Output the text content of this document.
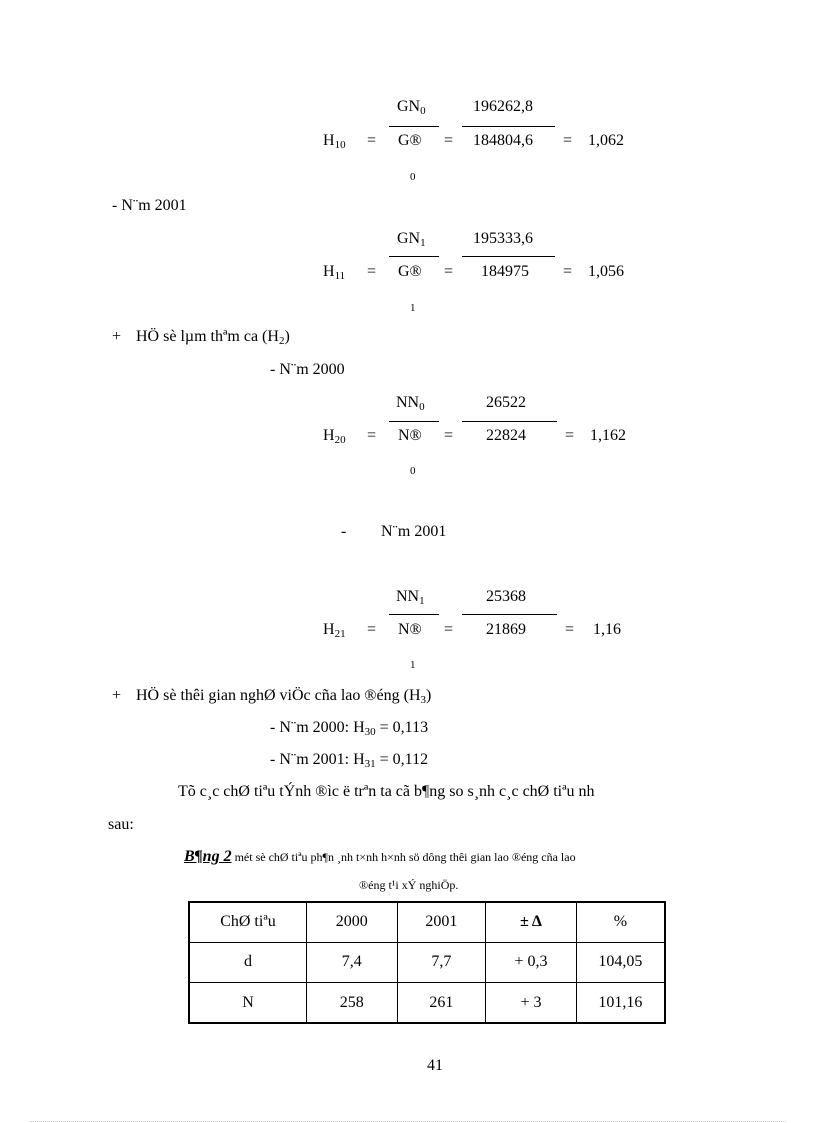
$GN_0$	196262,8
$H_{10}$ = G® = 184804,6 = 1,062
0
- N¨m 2001
$GN_1$	195333,6
$H_{11}$ = G® = 184975 = 1,056
1
+ HÖ sè lµm thªm ca $(H_2)$
- N¨m 2000
$NN_0$	26522
$H_{20}$ = N® = 22824 = 1,162
0
- N¨m 2001
$NN_1$	25368
$H_{21}$ = N® = 21869 = 1,16
1
+ HÖ sè thêi gian nghØ viÖc cña lao ®éng $(H_3)$
- N¨m 2000: $H_{30} = 0,113$
- N¨m 2001: $H_{31} = 0,112$
Tõ c¸c chØ tiªu tÝnh ®ìc ë trªn ta cã b¶ng so s¸nh c¸c chØ tiªu nh
sau:
B¶ng 2 mét sè chØ tiªu ph¶n ¸nh t×nh h×nh sö dông thêi gian lao ®éng cña lao
®éng t¹i xÝ nghiÖp.
ChØ tiªu	2000	2001	± Δ	%
d	7,4	7,7	+ 0,3	104,05
N	258	261	+ 3	101,16
41
